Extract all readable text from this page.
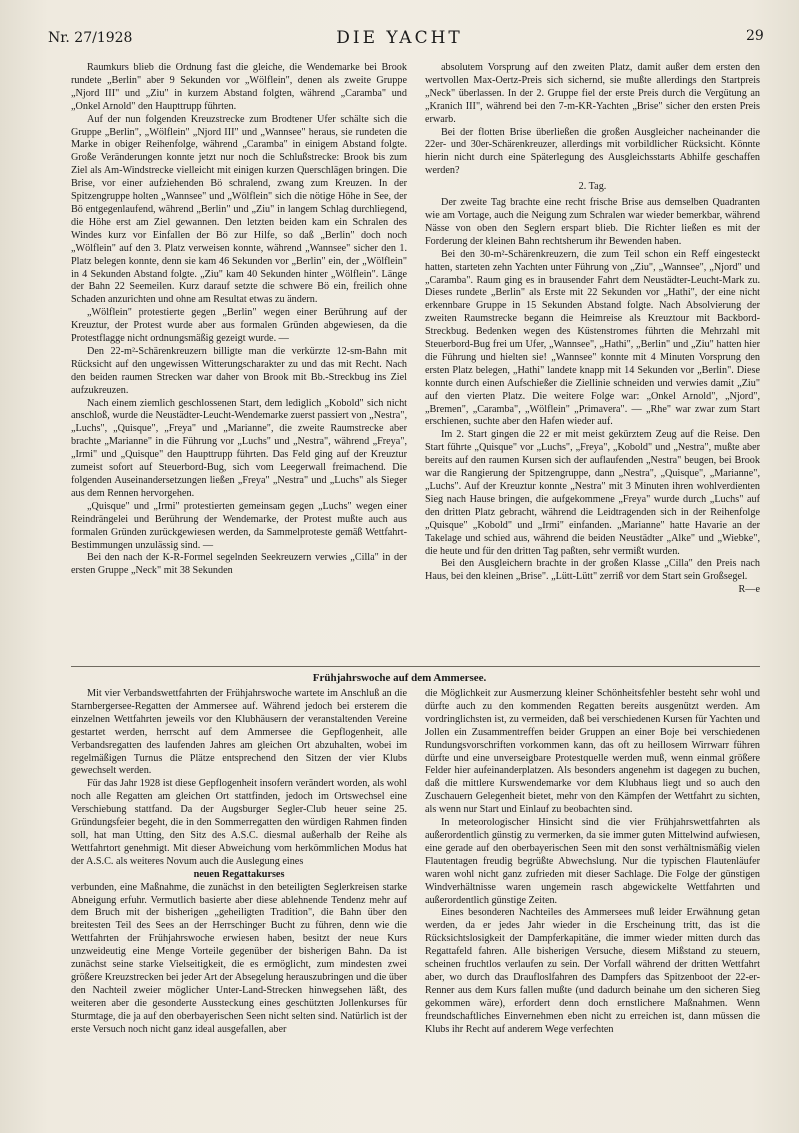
Nr. 27/1928	DIE YACHT	29

Raumkurs blieb die Ordnung fast die gleiche, die Wendemarke bei Brook rundete „Berlin" aber 9 Sekunden vor „Wölflein", denen als zweite Gruppe „Njord III" und „Ziu" in kurzem Abstand folgten, während „Caramba" und „Onkel Arnold" den Haupttrupp führten.

Auf der nun folgenden Kreuzstrecke zum Brodtener Ufer schälte sich die Gruppe „Berlin", „Wölflein" „Njord III" und „Wannsee" heraus, sie rundeten die Marke in obiger Reihenfolge, während „Caramba" in einigem Abstand folgte. Große Veränderungen konnte jetzt nur noch die Schlußstrecke: Brook bis zum Ziel als Am-Windstrecke vielleicht mit einigen kurzen Querschlägen bringen. Die Brise, vor einer aufziehenden Bö schralend, zwang zum Kreuzen. In der Spitzengruppe holten „Wannsee" und „Wölflein" sich die nötige Höhe in See, der Bö entgegenlaufend, während „Berlin" und „Ziu" in langem Schlag durchliegend, die Höhe erst am Ziel gewannen. Den letzten beiden kam ein Schralen des Windes kurz vor Einfallen der Bö zur Hilfe, so daß „Berlin" doch noch „Wölflein" auf den 3. Platz verweisen konnte, während „Wannsee" sicher den 1. Platz belegen konnte, denn sie kam 46 Sekunden vor „Berlin" ein, der „Wölflein" in 4 Sekunden Abstand folgte. „Ziu" kam 40 Sekunden hinter „Wölflein". Länge der Bahn 22 Seemeilen. Kurz darauf setzte die schwere Bö ein, freilich ohne Schaden anzurichten und ohne am Resultat etwas zu ändern.

„Wölflein" protestierte gegen „Berlin" wegen einer Berührung auf der Kreuztur, der Protest wurde aber aus formalen Gründen abgewiesen, da die Protestflagge nicht ordnungsmäßig gezeigt wurde. —

Den 22-m²-Schärenkreuzern billigte man die verkürzte 12-sm-Bahn mit Rücksicht auf den ungewissen Witterungscharakter zu und das mit Recht. Nach den beiden raumen Strecken war daher von Brook mit Bb.-Streckbug ins Ziel aufzukreuzen.

Nach einem ziemlich geschlossenen Start, dem lediglich „Kobold" sich nicht anschloß, wurde die Neustädter-Leucht-Wendemarke zuerst passiert von „Nestra", „Luchs", „Quisque", „Freya" und „Marianne", die zweite Raumstrecke aber brachte „Marianne" in die Führung vor „Luchs" und „Nestra", während „Freya", „Irmi" und „Quisque" den Haupttrupp führten. Das Feld ging auf der Kreuztur zumeist sofort auf Steuerbord-Bug, sich vom Leegerwall freimachend. Die folgenden Auseinandersetzungen ließen „Freya" „Nestra" und „Luchs" als Sieger aus dem Rennen hervorgehen.

„Quisque" und „Irmi" protestierten gemeinsam gegen „Luchs" wegen einer Reindrängelei und Berührung der Wendemarke, der Protest mußte auch aus formalen Gründen zurückgewiesen werden, da Sammelproteste gemäß Wettfahrt-Bestimmungen unzulässig sind. —

Bei den nach der K-R-Formel segelnden Seekreuzern verwies „Cilla" in der ersten Gruppe „Neck" mit 38 Sekunden

absolutem Vorsprung auf den zweiten Platz, damit außer dem ersten den wertvollen Max-Oertz-Preis sich sichernd, sie mußte allerdings den Startpreis „Neck" überlassen. In der 2. Gruppe fiel der erste Preis durch die Vergütung an „Kranich III", während bei den 7-m-KR-Yachten „Brise" sicher den ersten Preis erwarb.

Bei der flotten Brise überließen die großen Ausgleicher nacheinander die 22er- und 30er-Schärenkreuzer, allerdings mit vorbildlicher Rücksicht. Könnte hierin nicht durch eine Späterlegung des Ausgleichsstarts Abhilfe geschaffen werden?

2. Tag.

Der zweite Tag brachte eine recht frische Brise aus demselben Quadranten wie am Vortage, auch die Neigung zum Schralen war wieder bemerkbar, während Nässe von oben den Seglern erspart blieb. Die Richter ließen es mit der Forderung der kleinen Bahn rechtsherum ihr Bewenden haben.

Bei den 30-m²-Schärenkreuzern, die zum Teil schon ein Reff eingesteckt hatten, starteten zehn Yachten unter Führung von „Ziu", „Wannsee", „Njord" und „Caramba". Raum ging es in brausender Fahrt dem Neustädter-Leucht-Mark zu. Dieses rundete „Berlin" als Erste mit 22 Sekunden vor „Hathi", der eine nicht erkennbare Gruppe in 15 Sekunden Abstand folgte. Nach Absolvierung der zweiten Raumstrecke begann die Heimreise als Kreuztour mit Backbord-Streckbug. Bedenken wegen des Küstenstromes führten die Mehrzahl mit Steuerbord-Bug frei um Ufer, „Wannsee", „Hathi", „Berlin" und „Ziu" hatten hier die Führung und hielten sie! „Wannsee" konnte mit 4 Minuten Vorsprung den ersten Platz belegen, „Hathi" landete knapp mit 14 Sekunden vor „Berlin". Diese konnte durch einen Aufschießer die Ziellinie schneiden und verwies damit „Ziu" auf den vierten Platz. Die weitere Folge war: „Onkel Arnold", „Njord", „Bremen", „Caramba", „Wölflein" „Primavera". — „Rhe" war zwar zum Start erschienen, suchte aber den Hafen wieder auf.

Im 2. Start gingen die 22 er mit meist gekürztem Zeug auf die Reise. Den Start führte „Quisque" vor „Luchs", „Freya", „Kobold" und „Nestra", mußte aber bereits auf den raumen Kursen sich der auflaufenden „Nestra" beugen, bei Brook war die Rangierung der Spitzengruppe, dann „Nestra", „Quisque", „Marianne", „Luchs". Auf der Kreuztur konnte „Nestra" mit 3 Minuten ihren wohlverdienten Sieg nach Hause bringen, die aufgekommene „Freya" wurde durch „Luchs" auf den dritten Platz gebracht, während die Leidtragenden sich in der Reihenfolge „Quisque" „Kobold" und „Irmi" einfanden. „Marianne" hatte Havarie an der Takelage und schied aus, während die beiden Neustädter „Alke" und „Wiebke", die heute und für den dritten Tag paßten, sehr vermißt wurden.

Bei den Ausgleichern brachte in der großen Klasse „Cilla" den Preis nach Haus, bei den kleinen „Brise". „Lütt-Lütt" zerriß vor dem Start sein Großsegel.

R—e

Frühjahrswoche auf dem Ammersee.

Mit vier Verbandswettfahrten der Frühjahrswoche wartete im Anschluß an die Starnbergersee-Regatten der Ammersee auf. Während jedoch bei ersterem die einzelnen Wettfahrten jeweils vor den Klubhäusern der veranstaltenden Vereine gestartet werden, herrscht auf dem Ammersee die Gepflogenheit, alle Verbandsregatten des laufenden Jahres am gleichen Ort abzuhalten, wobei im regelmäßigen Turnus die Plätze entsprechend den Sitzen der vier Klubs gewechselt werden.

Für das Jahr 1928 ist diese Gepflogenheit insofern verändert worden, als wohl noch alle Regatten am gleichen Ort stattfinden, jedoch im Ortswechsel eine Verschiebung stattfand. Da der Augsburger Segler-Club heuer seine 25. Gründungsfeier begeht, die in den Sommerregatten den würdigen Rahmen finden soll, hat man Utting, den Sitz des A.S.C. diesmal außerhalb der Reihe als Wettfahrtort genehmigt. Mit dieser Abweichung vom herkömmlichen Modus hat der A.S.C. als weiteres Novum auch die Auslegung eines

neuen Regattakurses

verbunden, eine Maßnahme, die zunächst in den beteiligten Seglerkreisen starke Abneigung erfuhr. Vermutlich basierte aber diese ablehnende Tendenz mehr auf dem Bruch mit der bisherigen „geheiligten Tradition", die Bahn über den breitesten Teil des Sees an der Herrschinger Bucht zu führen, denn wie die Wettfahrten der Frühjahrswoche erwiesen haben, besitzt der neue Kurs unzweideutig eine Menge Vorteile gegenüber der bisherigen Bahn. Da ist zunächst seine starke Vielseitigkeit, die es ermöglicht, zum mindesten zwei größere Kreuzstrecken bei jeder Art der Absegelung herauszubringen und die über den Nachteil zweier möglicher Unter-Land-Strecken hinwegsehen läßt, des weiteren aber die gesonderte Aussteckung eines geschützten Jollenkurses für Sturmtage, die ja auf den oberbayerischen Seen nicht selten sind. Natürlich ist der erste Versuch noch nicht ganz ideal ausgefallen, aber

die Möglichkeit zur Ausmerzung kleiner Schönheitsfehler besteht sehr wohl und dürfte auch zu den kommenden Regatten bereits ausgenützt werden. Am vordringlichsten ist, zu vermeiden, daß bei verschiedenen Kursen für Yachten und Jollen ein Zusammentreffen beider Gruppen an einer Boje bei verschiedenen Rundungsvorschriften vorkommen kann, das oft zu heillosem Wirrwarr führen dürfte und eine unverseigbare Protestquelle werden muß, wenn einmal größere Felder hier aufeinanderplatzen. Als besonders angenehm ist dagegen zu buchen, daß die mittlere Kurswendemarke vor dem Klubhaus liegt und so auch den Zuschauern Gelegenheit bietet, mehr von den Kämpfen der Wettfahrt zu sichten, als wenn nur Start und Einlauf zu beobachten sind.

In meteorologischer Hinsicht sind die vier Frühjahrswettfahrten als außerordentlich günstig zu vermerken, da sie immer guten Mittelwind aufwiesen, eine gerade auf den oberbayerischen Seen mit den sonst verhältnismäßig vielen Flautentagen freudig begrüßte Abwechslung. Nur die typischen Flautenläufer waren wohl nicht ganz zufrieden mit dieser Sachlage. Die Folge der günstigen Windverhältnisse waren ungemein rasch abgewickelte Wettfahrten und außerordentlich günstige Zeiten.

Eines besonderen Nachteiles des Ammersees muß leider Erwähnung getan werden, da er jedes Jahr wieder in die Erscheinung tritt, das ist die Rücksichtslosigkeit der Dampferkapitäne, die immer wieder mitten durch das Regattafeld fahren. Alle bisherigen Versuche, diesem Mißstand zu steuern, scheinen fruchtlos verlaufen zu sein. Der Vorfall während der dritten Wettfahrt aber, wo durch das Draufloslfahren des Dampfers das Spitzenboot der 22-er-Renner aus dem Kurs fallen mußte (und dadurch beinahe um den sicheren Sieg gekommen wäre), erfordert denn doch ernstlichere Maßnahmen. Wenn freundschaftliches Einvernehmen eben nicht zu erreichen ist, dann müssen die Klubs ihr Recht auf anderem Wege verfechten
